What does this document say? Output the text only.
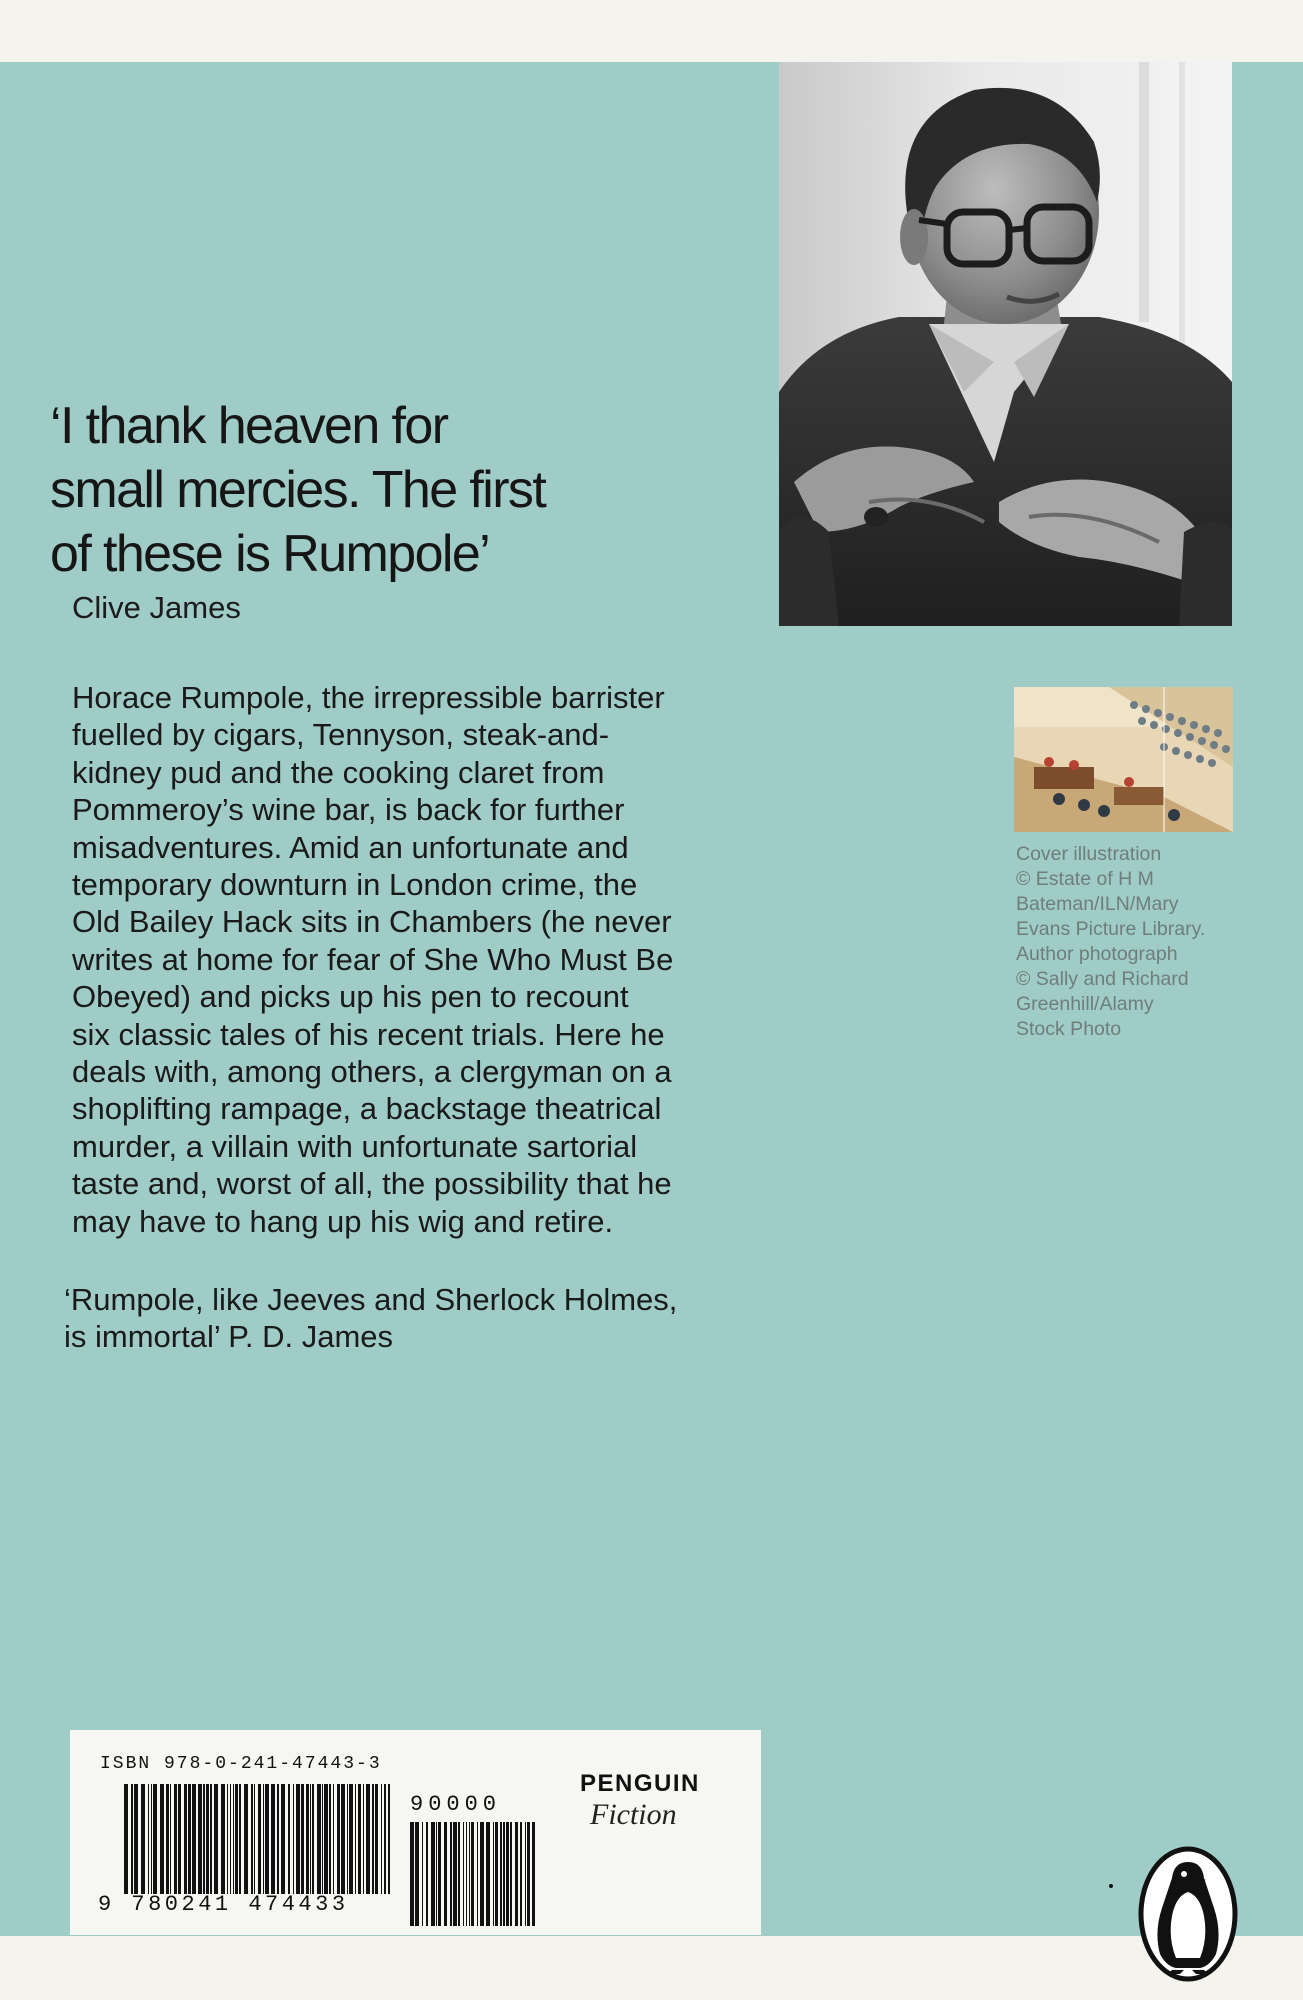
‘I thank heaven for
small mercies. The first
of these is Rumpole’
Clive James

Horace Rumpole, the irrepressible barrister
fuelled by cigars, Tennyson, steak-and-
kidney pud and the cooking claret from
Pommeroy’s wine bar, is back for further
misadventures. Amid an unfortunate and
temporary downturn in London crime, the
Old Bailey Hack sits in Chambers (he never
writes at home for fear of She Who Must Be
Obeyed) and picks up his pen to recount
six classic tales of his recent trials. Here he
deals with, among others, a clergyman on a
shoplifting rampage, a backstage theatrical
murder, a villain with unfortunate sartorial
taste and, worst of all, the possibility that he
may have to hang up his wig and retire.

‘Rumpole, like Jeeves and Sherlock Holmes,
is immortal’ P. D. James

Cover illustration
© Estate of H M
Bateman/ILN/Mary
Evans Picture Library.
Author photograph
© Sally and Richard
Greenhill/Alamy
Stock Photo

ISBN 978-0-241-47443-3
9 780241 474433
90000
PENGUIN
Fiction
